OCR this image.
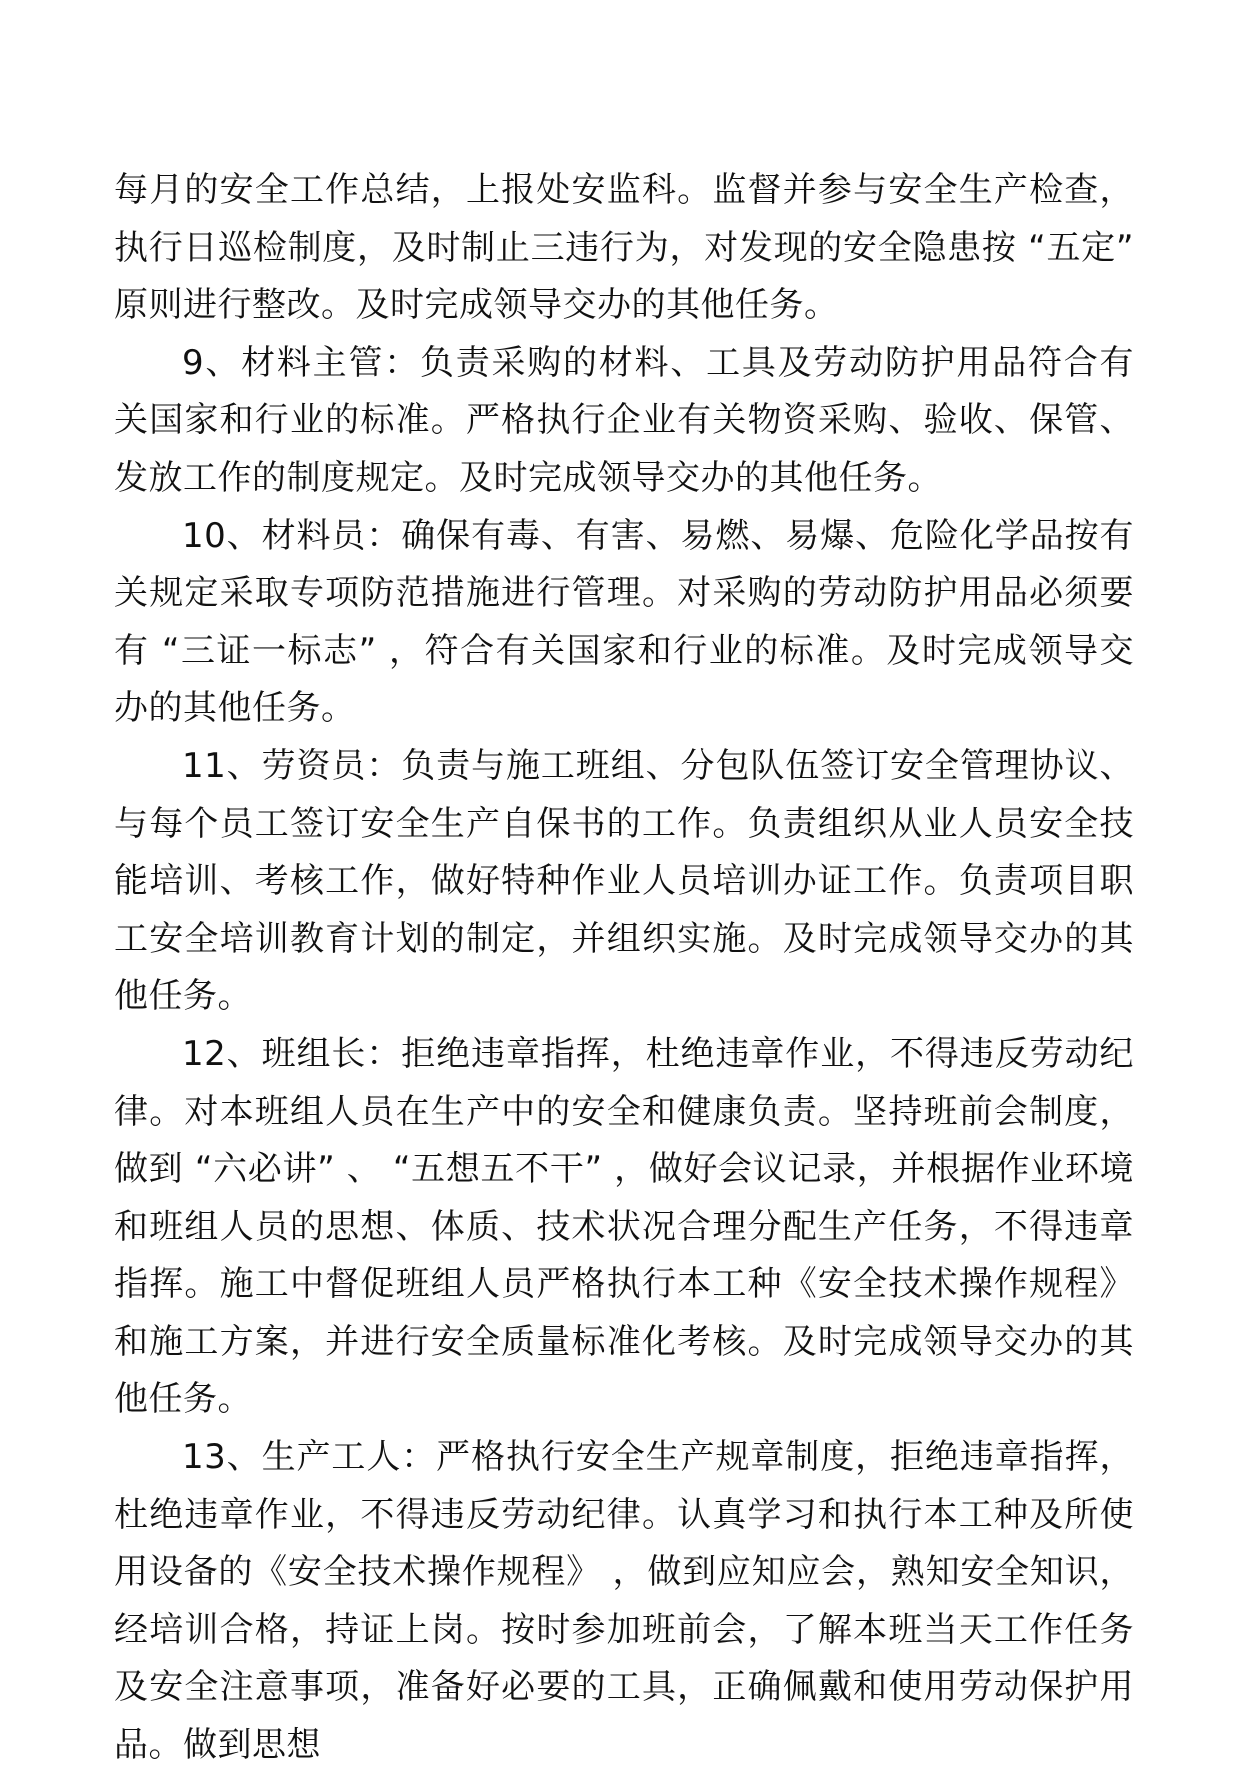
每月的安全工作总结，上报处安监科。监督并参与安全生产检查，执行日巡检制度，及时制止三违行为，对发现的安全隐患按 “五定” 原则进行整改。及时完成领导交办的其他任务。

9、材料主管：负责采购的材料、工具及劳动防护用品符合有关国家和行业的标准。严格执行企业有关物资采购、验收、保管、发放工作的制度规定。及时完成领导交办的其他任务。

10、材料员：确保有毒、有害、易燃、易爆、危险化学品按有关规定采取专项防范措施进行管理。对采购的劳动防护用品必须要有 “三证一标志” ，符合有关国家和行业的标准。及时完成领导交办的其他任务。

11、劳资员：负责与施工班组、分包队伍签订安全管理协议、与每个员工签订安全生产自保书的工作。负责组织从业人员安全技能培训、考核工作，做好特种作业人员培训办证工作。负责项目职工安全培训教育计划的制定，并组织实施。及时完成领导交办的其他任务。

12、班组长：拒绝违章指挥，杜绝违章作业，不得违反劳动纪律。对本班组人员在生产中的安全和健康负责。坚持班前会制度，做到 “六必讲” 、 “五想五不干” ，做好会议记录，并根据作业环境和班组人员的思想、体质、技术状况合理分配生产任务，不得违章指挥。施工中督促班组人员严格执行本工种《安全技术操作规程》和施工方案，并进行安全质量标准化考核。及时完成领导交办的其他任务。

13、生产工人：严格执行安全生产规章制度，拒绝违章指挥，杜绝违章作业，不得违反劳动纪律。认真学习和执行本工种及所使用设备的《安全技术操作规程》 ，做到应知应会，熟知安全知识，经培训合格，持证上岗。按时参加班前会，了解本班当天工作任务及安全注意事项，准备好必要的工具，正确佩戴和使用劳动保护用品。做到思想
